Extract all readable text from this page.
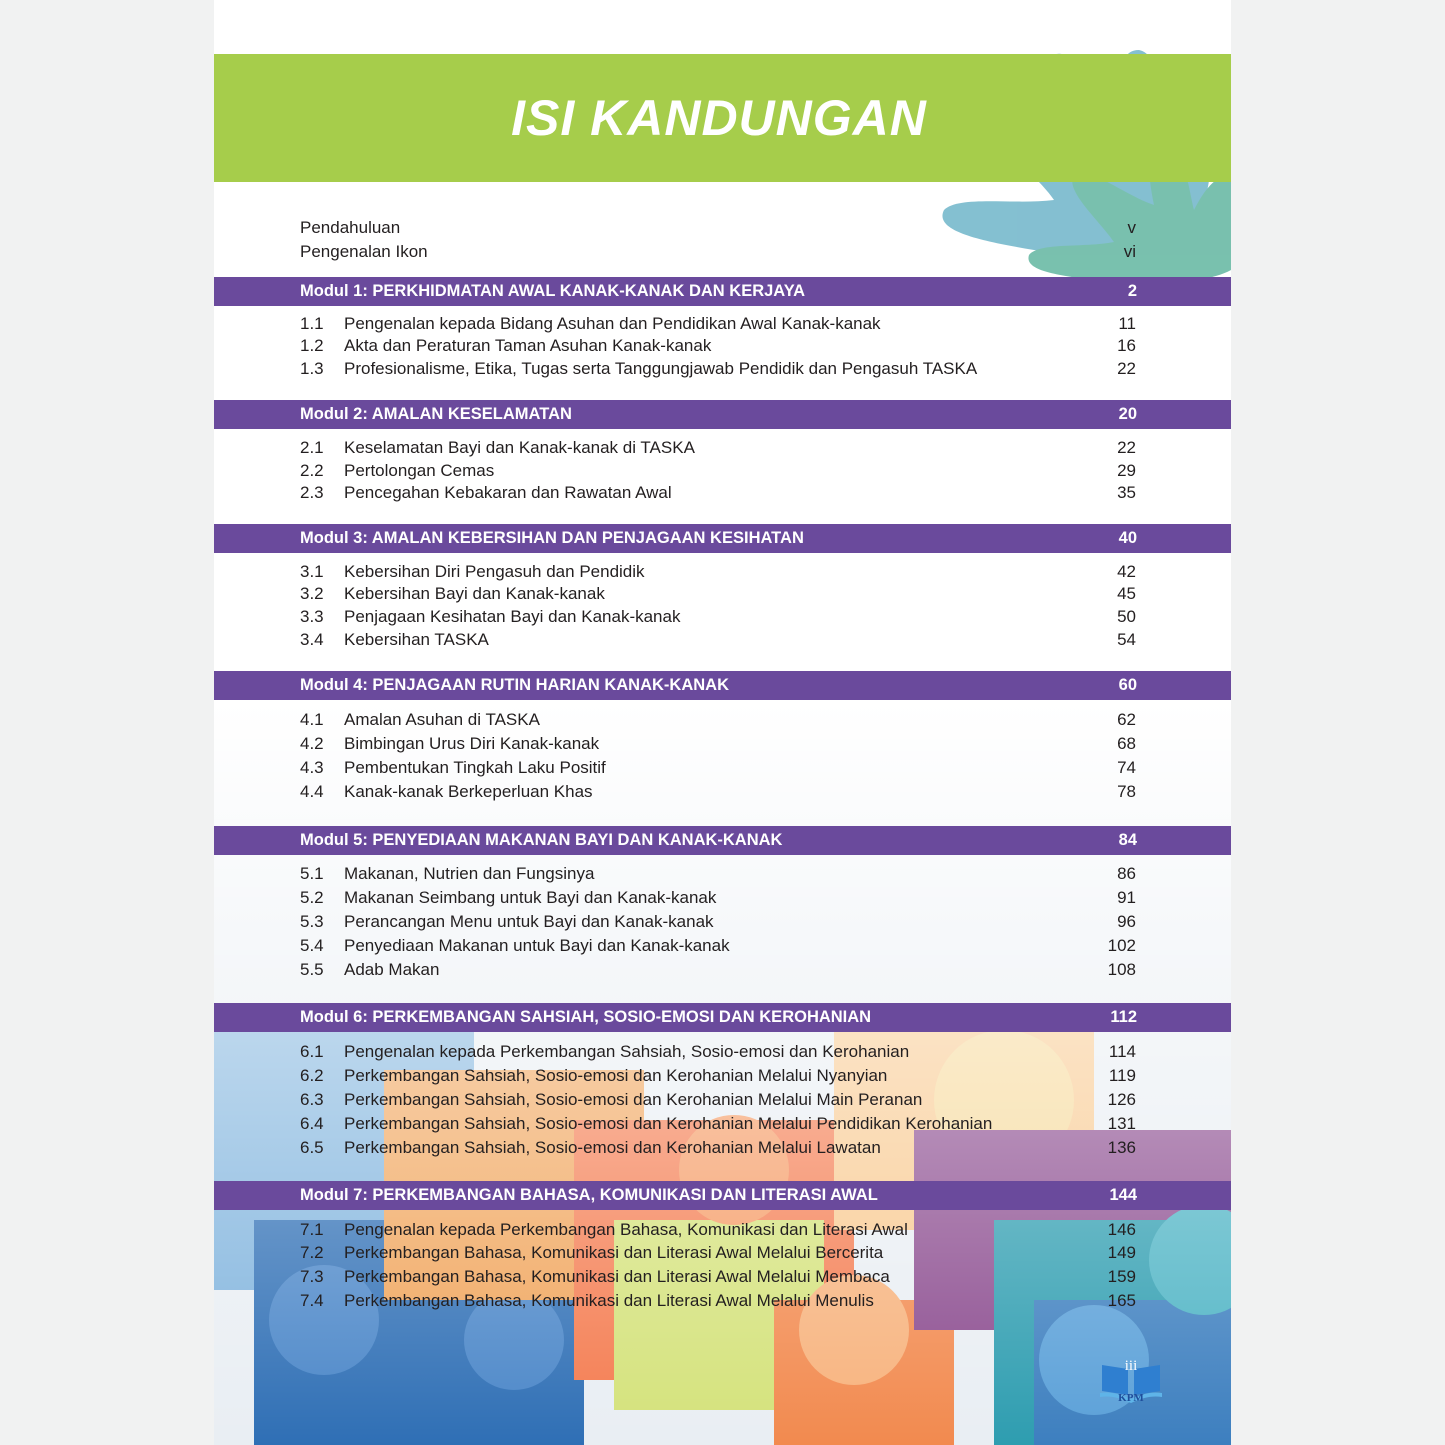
ISI KANDUNGAN
Pendahuluan	v
Pengenalan Ikon	vi
Modul 1: PERKHIDMATAN AWAL KANAK-KANAK DAN KERJAYA	2
1.1 Pengenalan kepada Bidang Asuhan dan Pendidikan Awal Kanak-kanak	11
1.2 Akta dan Peraturan Taman Asuhan Kanak-kanak	16
1.3 Profesionalisme, Etika, Tugas serta Tanggungjawab Pendidik dan Pengasuh TASKA	22
Modul 2: AMALAN KESELAMATAN	20
2.1 Keselamatan Bayi dan Kanak-kanak di TASKA	22
2.2 Pertolongan Cemas	29
2.3 Pencegahan Kebakaran dan Rawatan Awal	35
Modul 3: AMALAN KEBERSIHAN DAN PENJAGAAN KESIHATAN	40
3.1 Kebersihan Diri Pengasuh dan Pendidik	42
3.2 Kebersihan Bayi dan Kanak-kanak	45
3.3 Penjagaan Kesihatan Bayi dan Kanak-kanak	50
3.4 Kebersihan TASKA	54
Modul 4: PENJAGAAN RUTIN HARIAN KANAK-KANAK	60
4.1 Amalan Asuhan di TASKA	62
4.2 Bimbingan Urus Diri Kanak-kanak	68
4.3 Pembentukan Tingkah Laku Positif	74
4.4 Kanak-kanak Berkeperluan Khas	78
Modul 5: PENYEDIAAN MAKANAN BAYI DAN KANAK-KANAK	84
5.1 Makanan, Nutrien dan Fungsinya	86
5.2 Makanan Seimbang untuk Bayi dan Kanak-kanak	91
5.3 Perancangan Menu untuk Bayi dan Kanak-kanak	96
5.4 Penyediaan Makanan untuk Bayi dan Kanak-kanak	102
5.5 Adab Makan	108
Modul 6: PERKEMBANGAN SAHSIAH, SOSIO-EMOSI DAN KEROHANIAN	112
6.1 Pengenalan kepada Perkembangan Sahsiah, Sosio-emosi dan Kerohanian	114
6.2 Perkembangan Sahsiah, Sosio-emosi dan Kerohanian Melalui Nyanyian	119
6.3 Perkembangan Sahsiah, Sosio-emosi dan Kerohanian Melalui Main Peranan	126
6.4 Perkembangan Sahsiah, Sosio-emosi dan Kerohanian Melalui Pendidikan Kerohanian	131
6.5 Perkembangan Sahsiah, Sosio-emosi dan Kerohanian Melalui Lawatan	136
Modul 7: PERKEMBANGAN BAHASA, KOMUNIKASI DAN LITERASI AWAL	144
7.1 Pengenalan kepada Perkembangan Bahasa, Komunikasi dan Literasi Awal	146
7.2 Perkembangan Bahasa, Komunikasi dan Literasi Awal Melalui Bercerita	149
7.3 Perkembangan Bahasa, Komunikasi dan Literasi Awal Melalui Membaca	159
7.4 Perkembangan Bahasa, Komunikasi dan Literasi Awal Melalui Menulis	165
iii
KPM
